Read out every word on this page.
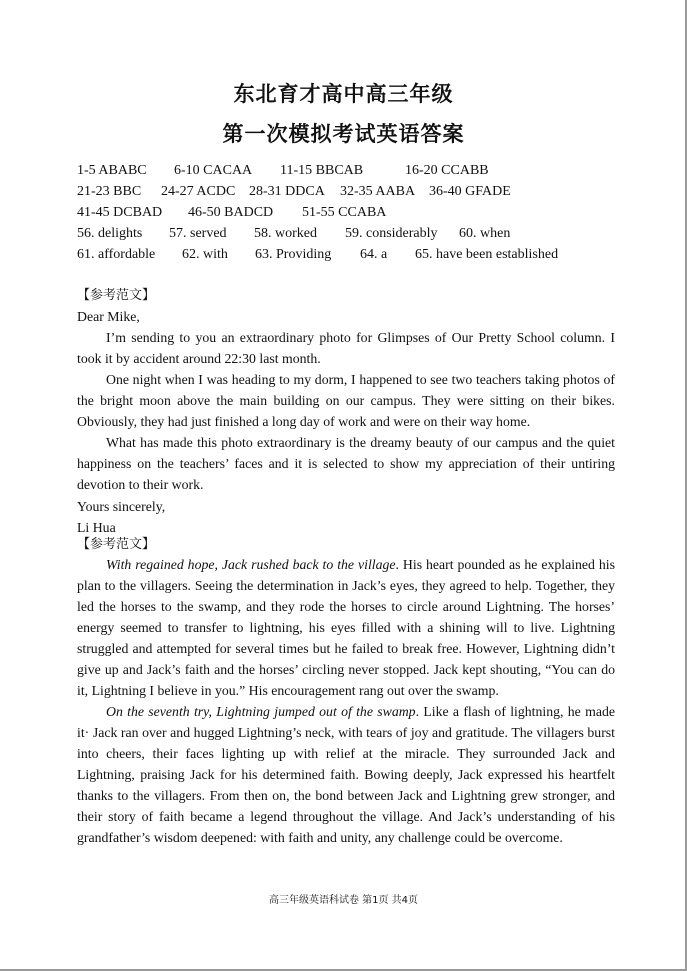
东北育才高中高三年级
第一次模拟考试英语答案
1-5 ABABC 6-10 CACAA 11-15 BBCAB	16-20 CCABB
21-23 BBC 24-27 ACDC 28-31 DDCA 32-35 AABA 36-40 GFADE
41-45 DCBAD 46-50 BADCD 51-55 CCABA
56. delights 57. served 58. worked 59. considerably 60. when
61. affordable 62. with 63. Providing 64. a 65. have been established
【参考范文】

Dear Mike,

I’m sending to you an extraordinary photo for Glimpses of Our Pretty School column. I took it by accident around 22:30 last month.

One night when I was heading to my dorm, I happened to see two teachers taking photos of the bright moon above the main building on our campus. They were sitting on their bikes. Obviously, they had just finished a long day of work and were on their way home.

What has made this photo extraordinary is the dreamy beauty of our campus and the quiet happiness on the teachers’ faces and it is selected to show my appreciation of their untiring devotion to their work.

Yours sincerely,

Li Hua

【参考范文】

With regained hope, Jack rushed back to the village. His heart pounded as he explained his plan to the villagers. Seeing the determination in Jack’s eyes, they agreed to help. Together, they led the horses to the swamp, and they rode the horses to circle around Lightning. The horses’ energy seemed to transfer to lightning, his eyes filled with a shining will to live. Lightning struggled and attempted for several times but he failed to break free. However, Lightning didn’t give up and Jack’s faith and the horses’ circling never stopped. Jack kept shouting, “You can do it, Lightning I believe in you.” His encouragement rang out over the swamp.

On the seventh try, Lightning jumped out of the swamp. Like a flash of lightning, he made it· Jack ran over and hugged Lightning’s neck, with tears of joy and gratitude. The villagers burst into cheers, their faces lighting up with relief at the miracle. They surrounded Jack and Lightning, praising Jack for his determined faith. Bowing deeply, Jack expressed his heartfelt thanks to the villagers. From then on, the bond between Jack and Lightning grew stronger, and their story of faith became a legend throughout the village. And Jack’s understanding of his grandfather’s wisdom deepened: with faith and unity, any challenge could be overcome.

高三年级英语科试卷 第1页 共4页
